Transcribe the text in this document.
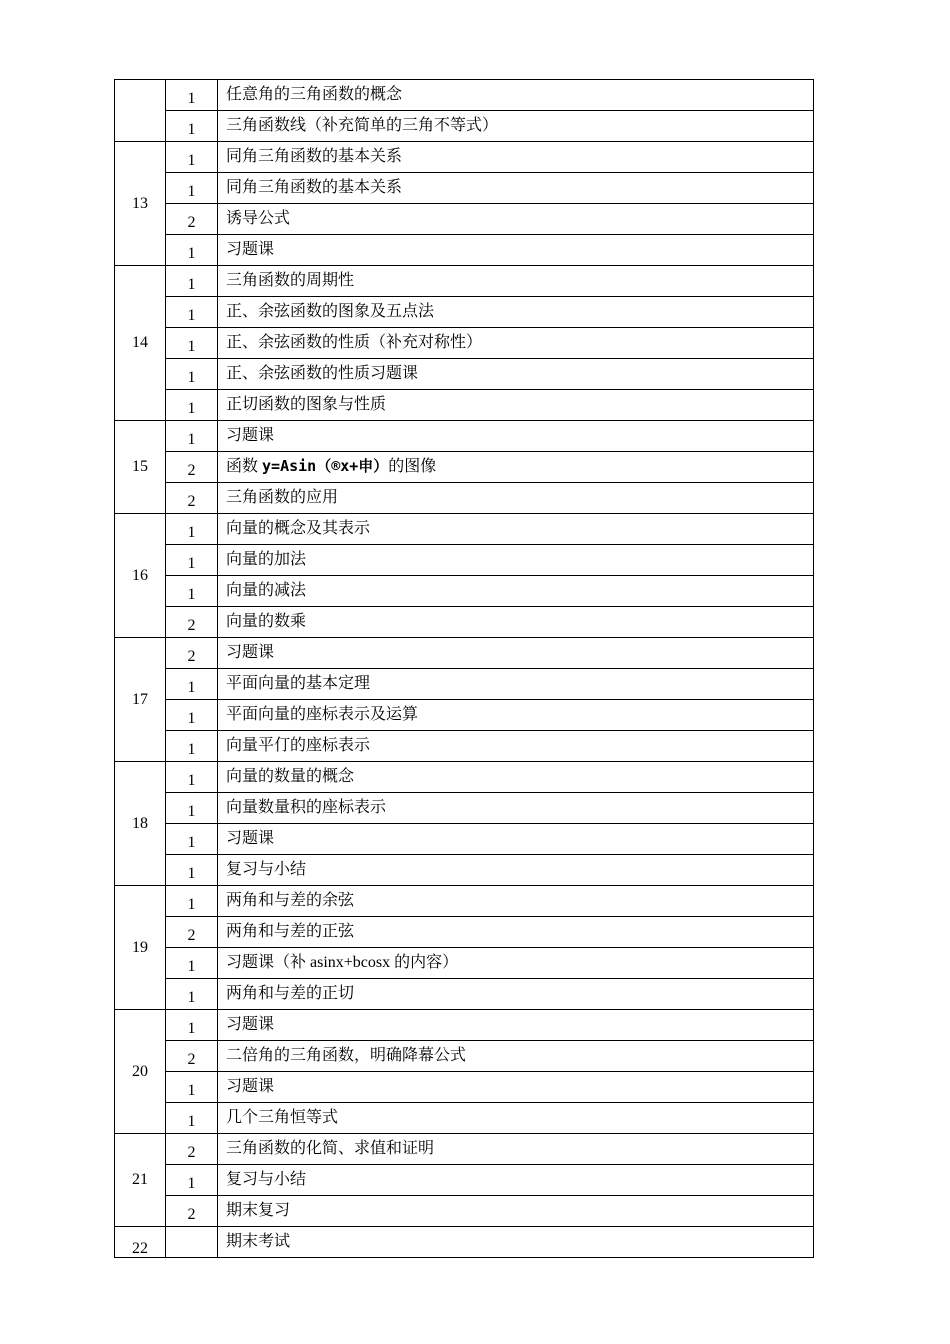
	1	任意角的三角函数的概念
	1	三角函数线（补充简单的三角不等式）
13	1	同角三角函数的基本关系
	1	同角三角函数的基本关系
	2	诱导公式
	1	习题课
14	1	三角函数的周期性
	1	正、余弦函数的图象及五点法
	1	正、余弦函数的性质（补充对称性）
	1	正、余弦函数的性质习题课
	1	正切函数的图象与性质
15	1	习题课
	2	函数 y=Asin（®x+申）的图像
	2	三角函数的应用
16	1	向量的概念及其表示
	1	向量的加法
	1	向量的减法
	2	向量的数乘
17	2	习题课
	1	平面向量的基本定理
	1	平面向量的座标表示及运算
	1	向量平仃的座标表示
18	1	向量的数量的概念
	1	向量数量积的座标表示
	1	习题课
	1	复习与小结
19	1	两角和与差的余弦
	2	两角和与差的正弦
	1	习题课（补 asinx+bcosx 的内容）
	1	两角和与差的正切
20	1	习题课
	2	二倍角的三角函数，明确降幕公式
	1	习题课
	1	几个三角恒等式
21	2	三角函数的化简、求值和证明
	1	复习与小结
	2	期末复习
22		期末考试
